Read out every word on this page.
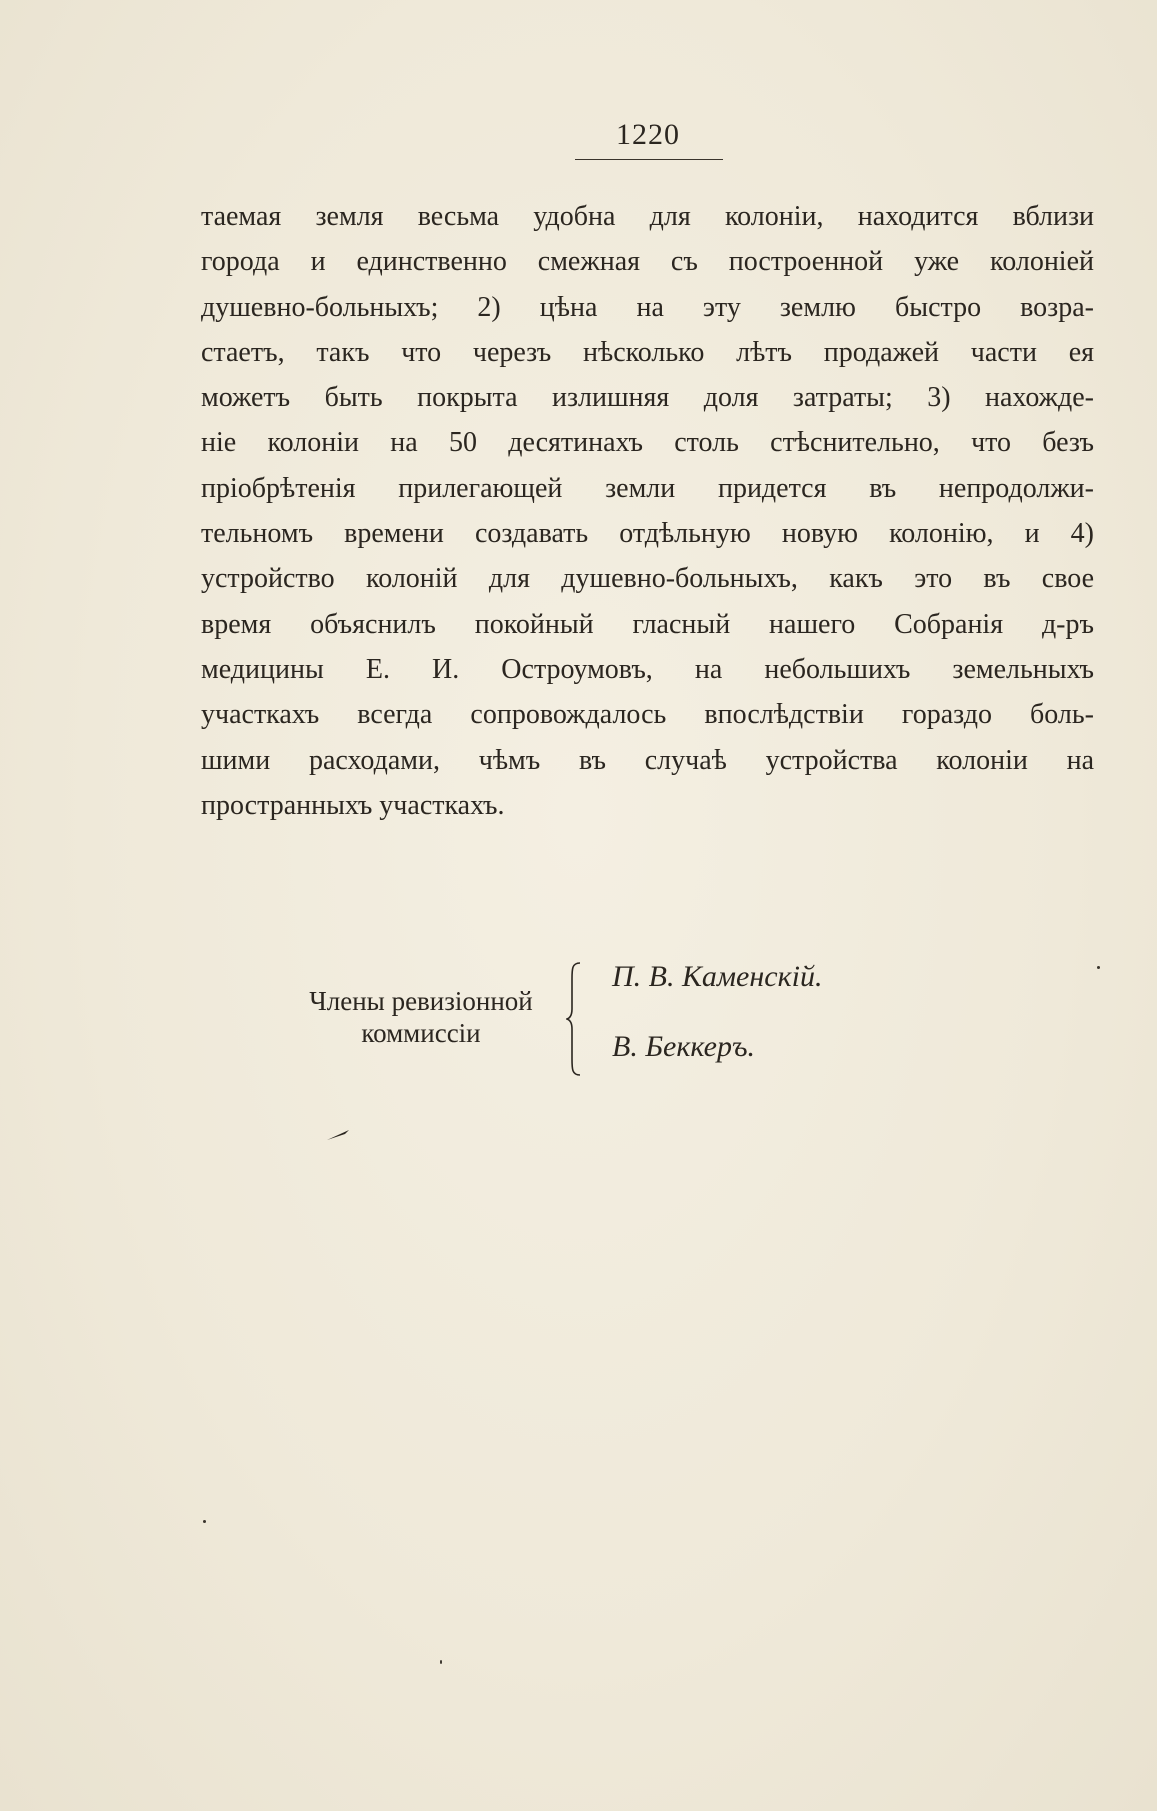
1220
таемая земля весьма удобна для колоніи, находится вблизи
города и единственно смежная съ построенной уже колоніей
душевно-больныхъ; 2) цѣна на эту землю быстро возра-
стаетъ, такъ что черезъ нѣсколько лѣтъ продажей части ея
можетъ быть покрыта излишняя доля затраты; 3) нахожде-
ніе колоніи на 50 десятинахъ столь стѣснительно, что безъ
пріобрѣтенія прилегающей земли придется въ непродолжи-
тельномъ времени создавать отдѣльную новую колонію, и 4)
устройство колоній для душевно-больныхъ, какъ это въ свое
время объяснилъ покойный гласный нашего Собранія д-ръ
медицины Е. И. Остроумовъ, на небольшихъ земельныхъ
участкахъ всегда сопровождалось впослѣдствіи гораздо боль-
шими расходами, чѣмъ въ случаѣ устройства колоніи на
пространныхъ участкахъ.
Члены ревизіонной
коммиссіи
П. В. Каменскій.
В. Беккеръ.
